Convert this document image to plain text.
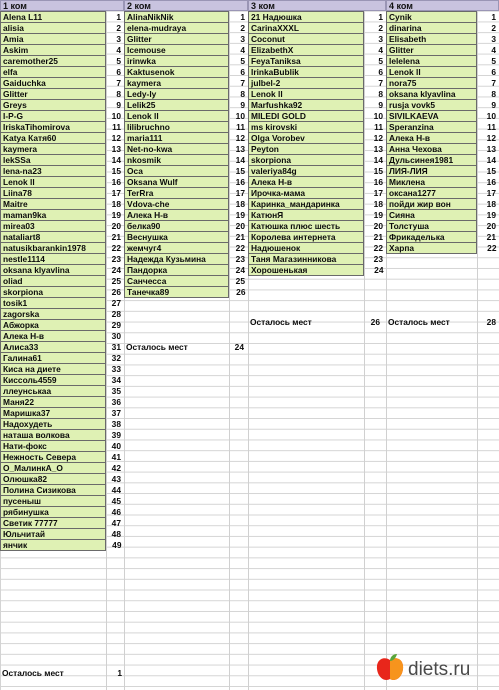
1 ком
Alena L11	1
alisia	2
Amia	3
Askim	4
caremother25	5
elfa	6
Gaiduchka	7
Glitter	8
Greys	9
I-P-G	10
IriskaTihomirova	11
Katya Катя60	12
kaymera	13
lekSSa	14
lena-na23	15
Lenok ll	16
Liina78	17
Maitre	18
maman9ka	19
mirea03	20
nataliart8	21
natusikbarankin1978	22
nestle1114	23
oksana klyavlina	24
oliad	25
skorpiona	26
tosik1	27
zagorska	28
Абжорка	29
Алека Н-в	30
Алиса33	31
Галина61	32
Киса на диете	33
Киссоль4559	34
ллеунськаа	35
Маня22	36
Маришка37	37
Надохудеть	38
наташа волкова	39
Нати-фокс	40
Нежность Севера	41
О_МалинкА_О	42
Олюшка82	43
Полина Сизикова	44
пусеныш	45
рябинушка	46
Светик 77777	47
Юльчитай	48
янчик	49
2 ком
AlinaNikNik	1
elena-mudraya	2
Glitter	3
Icemouse	4
irinwka	5
Kaktusenok	6
kaymera	7
Ledy-ly	8
Lelik25	9
Lenok ll	10
lilibruchno	11
maria111	12
Net-no-kwa	13
nkosmik	14
Оса	15
Oksana Wulf	16
TerRra	17
Vdova-che	18
Алека Н-в	19
белка90	20
Веснушка	21
жемчуг4	22
Надежда Кузьмина	23
Пандорка	24
Санчесса	25
Танечка89	26
3 ком
21 Надюшка	1
CarinaXXXL	2
Coconut	3
ElizabethX	4
FeyaTaniksa	5
IrinkaBublik	6
julbel-2	7
Lenok ll	8
Marfushka92	9
MILEDI GOLD	10
ms kirovski	11
Olga Vorobev	12
Peyton	13
skorpiona	14
valeriya84g	15
Алека Н-в	16
Ирочка-мама	17
Каринка_мандаринка	18
КатюнЯ	19
Катюшка плюс шесть	20
Королева интернета	21
Надюшенок	22
Таня Магазинникова	23
Хорошенькая	24
4 ком
Cynik	1
dinarina	2
Elisabeth	3
Glitter	4
lelelena	5
Lenok ll	6
nora75	7
oksana klyavlina	8
rusja vovk5	9
SIVILKAEVA	10
Speranzina	11
Алека Н-в	12
Анна Чехова	13
Дульсинея1981	14
ЛИЯ-ЛИЯ	15
Миклена	16
оксана1277	17
пойди жир вон	18
Сияна	19
Толстуша	20
Фрикаделька	21
Харпа	22
Осталось мест	1
Осталось мест	24
Осталось мест	26 Осталось мест	28
diets.ru
